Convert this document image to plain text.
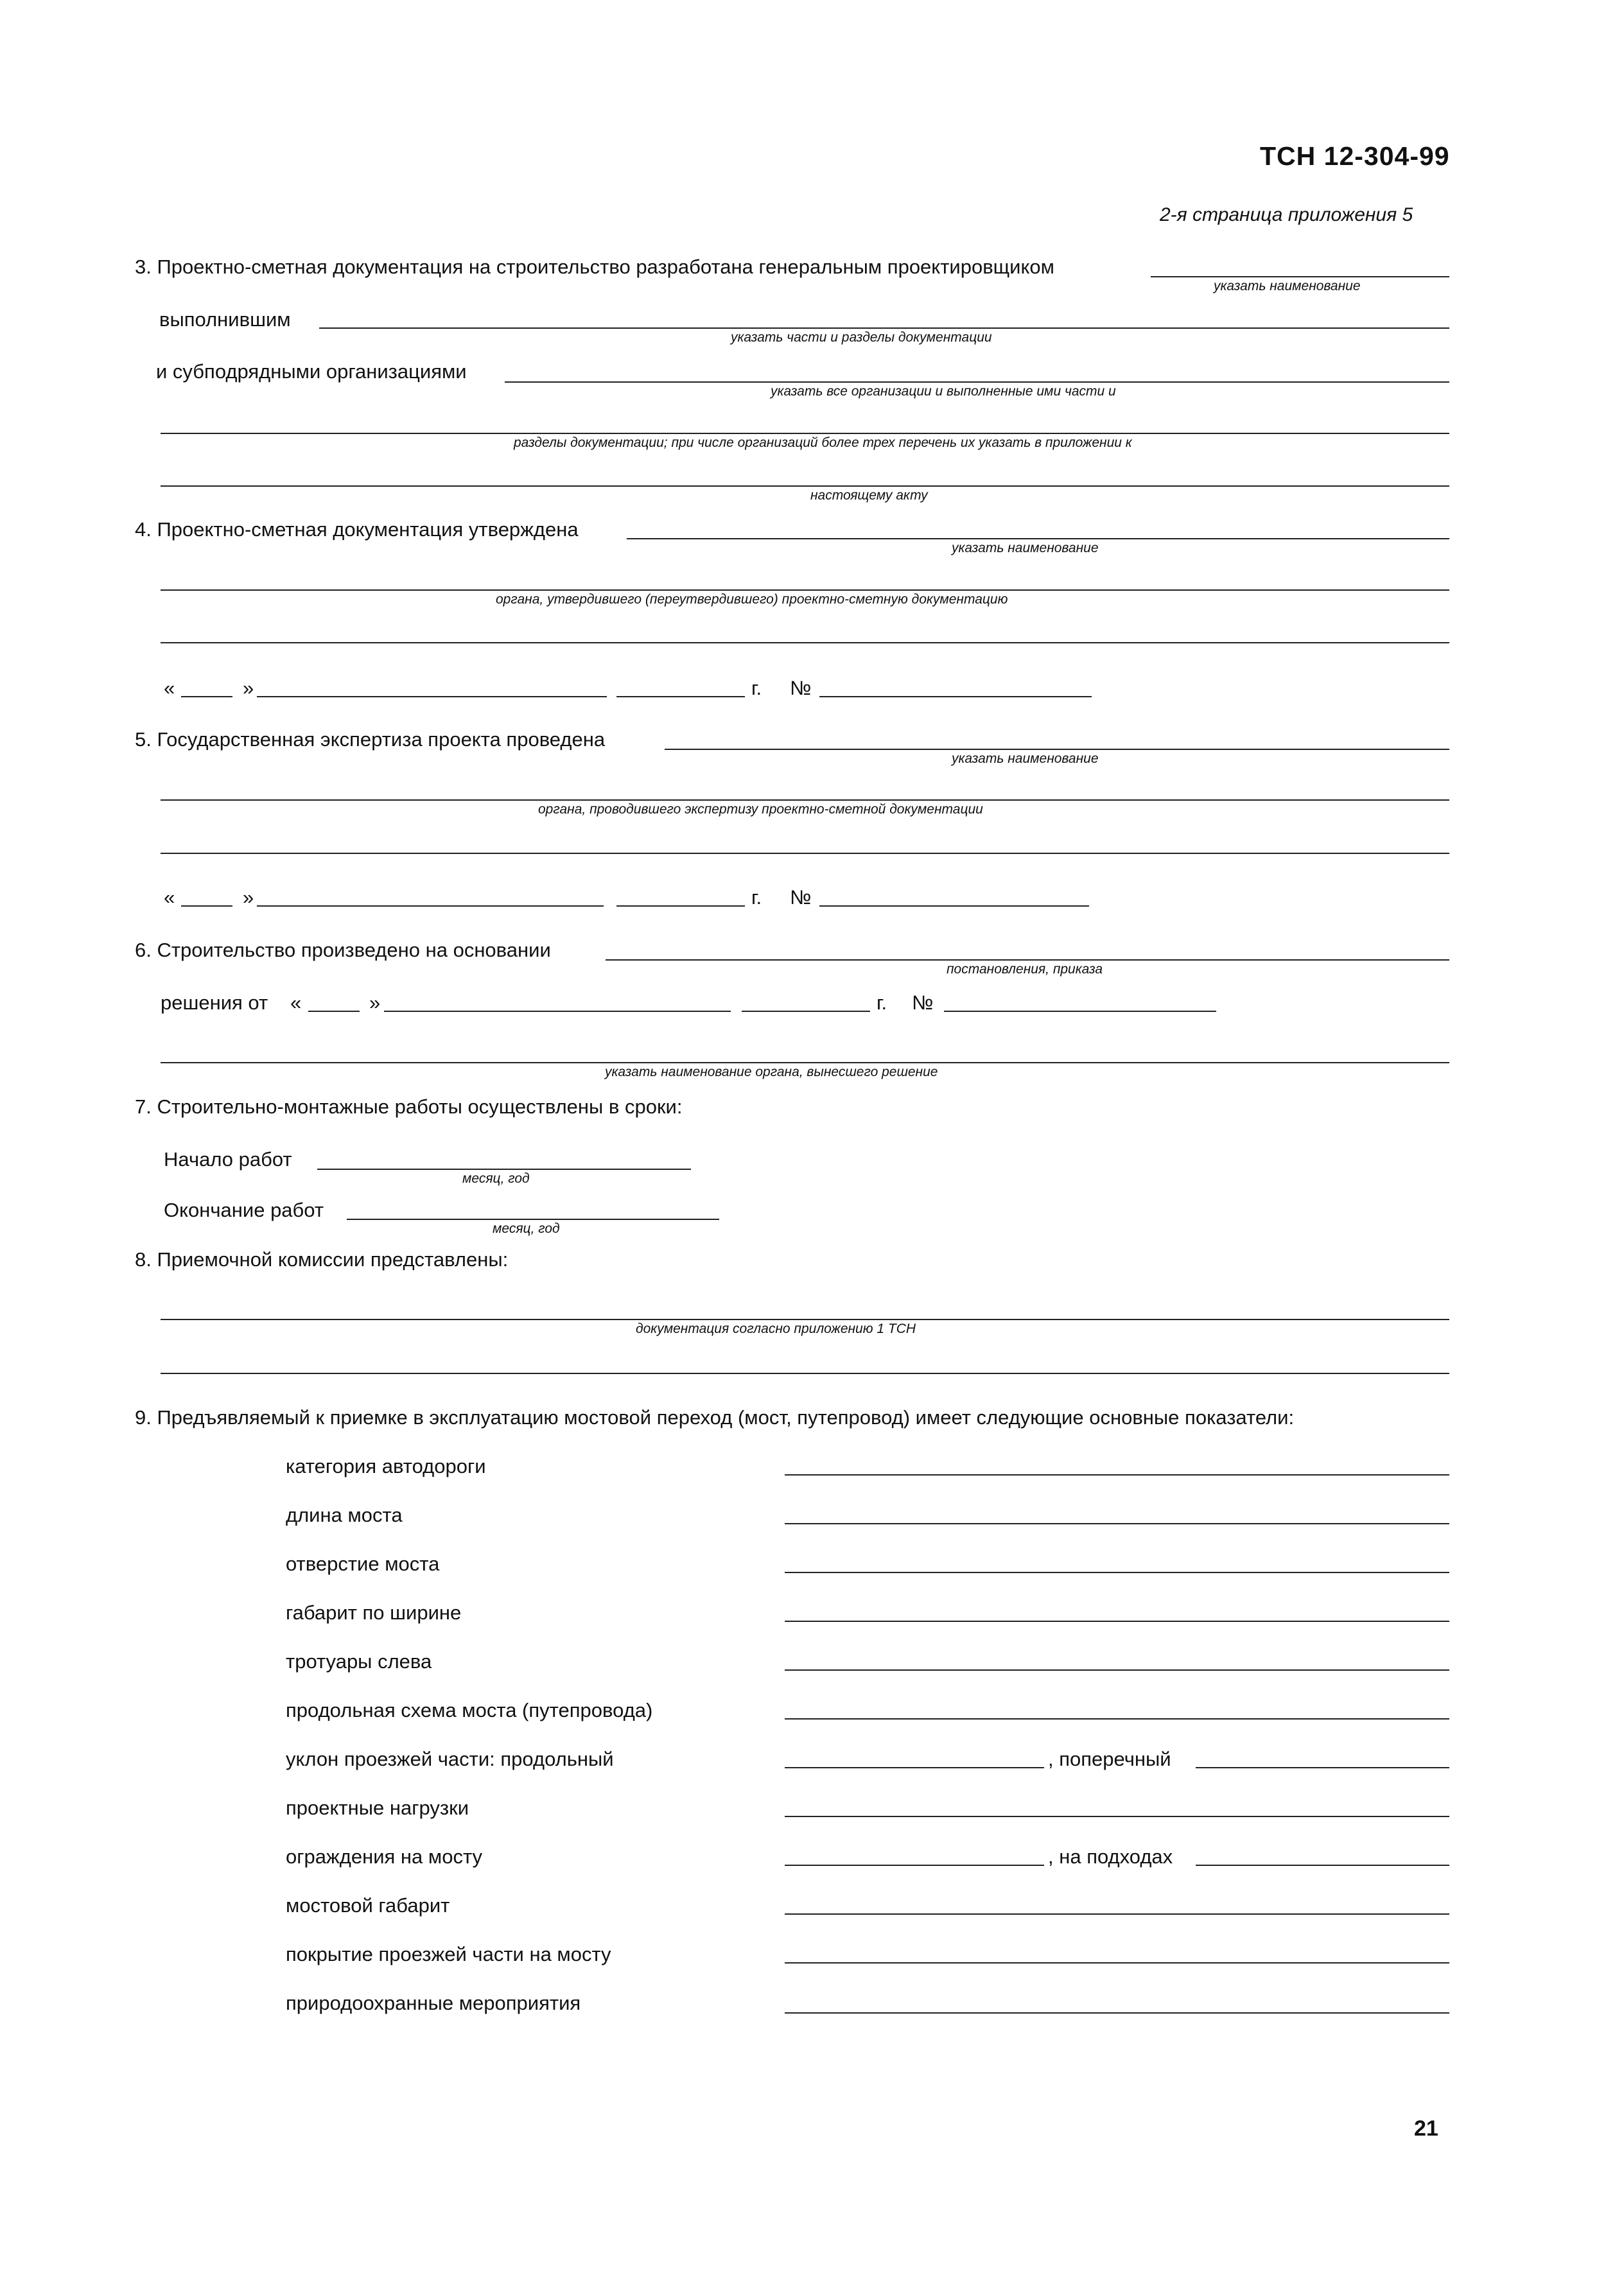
ТСН 12-304-99
2-я страница приложения 5
3. Проектно-сметная документация на строительство разработана генеральным проектировщиком
указать наименование
выполнившим
указать части и разделы документации
и субподрядными организациями
указать все организации и выполненные ими части и
разделы документации; при числе организаций более трех перечень их указать в приложении к
настоящему акту
4. Проектно-сметная документация утверждена
указать наименование
органа, утвердившего (переутвердившего) проектно-сметную документацию
«	»	г. №
5. Государственная экспертиза проекта проведена
указать наименование
органа, проводившего экспертизу проектно-сметной документации
«	»	г. №
6. Строительство произведено на основании
постановления, приказа
решения от «	»	г. №
указать наименование органа, вынесшего решение
7. Строительно-монтажные работы осуществлены в сроки:
Начало работ
месяц, год
Окончание работ
месяц, год
8. Приемочной комиссии представлены:
документация согласно приложению 1 ТСН
9. Предъявляемый к приемке в эксплуатацию мостовой переход (мост, путепровод) имеет следующие основные показатели:
категория автодороги
длина моста
отверстие моста
габарит по ширине
тротуары слева
продольная схема моста (путепровода)
уклон проезжей части: продольный	, поперечный
проектные нагрузки
ограждения на мосту	, на подходах
мостовой габарит
покрытие проезжей части на мосту
природоохранные мероприятия
21
